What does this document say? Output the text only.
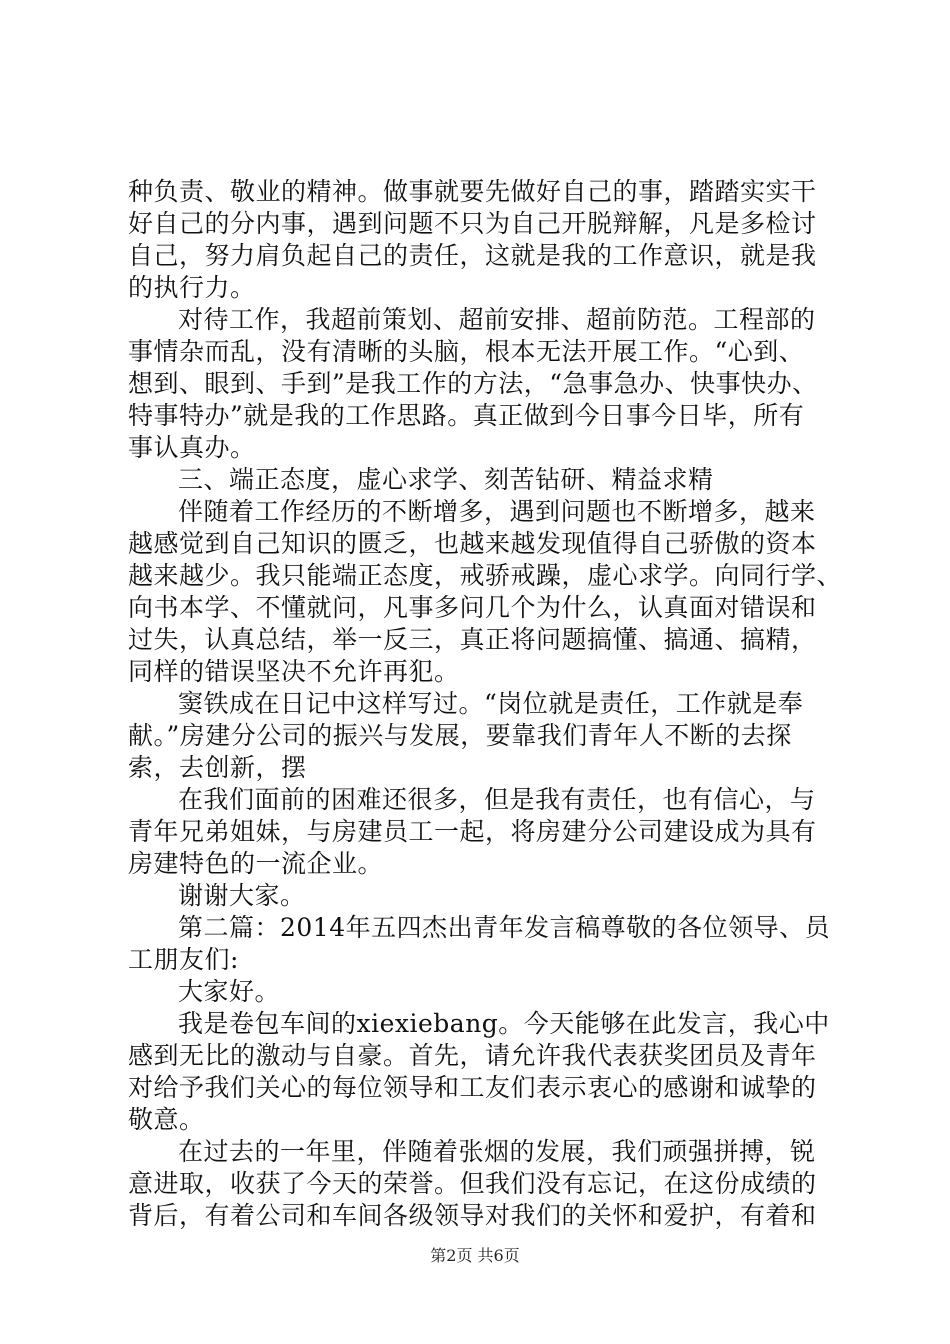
种负责、敬业的精神。做事就要先做好自己的事，踏踏实实干
好自己的分内事，遇到问题不只为自己开脱辩解，凡是多检讨
自己，努力肩负起自己的责任，这就是我的工作意识，就是我
的执行力。
对待工作，我超前策划、超前安排、超前防范。工程部的
事情杂而乱，没有清晰的头脑，根本无法开展工作。“心到、
想到、眼到、手到”是我工作的方法，“急事急办、快事快办、
特事特办”就是我的工作思路。真正做到今日事今日毕，所有
事认真办。
三、端正态度，虚心求学、刻苦钻研、精益求精
伴随着工作经历的不断增多，遇到问题也不断增多，越来
越感觉到自己知识的匮乏，也越来越发现值得自己骄傲的资本
越来越少。我只能端正态度，戒骄戒躁，虚心求学。向同行学、
向书本学、不懂就问，凡事多问几个为什么，认真面对错误和
过失，认真总结，举一反三，真正将问题搞懂、搞通、搞精，
同样的错误坚决不允许再犯。
窦铁成在日记中这样写过。“岗位就是责任，工作就是奉
献。”房建分公司的振兴与发展，要靠我们青年人不断的去探
索，去创新，摆
在我们面前的困难还很多，但是我有责任，也有信心，与
青年兄弟姐妹，与房建员工一起，将房建分公司建设成为具有
房建特色的一流企业。
谢谢大家。
第二篇：2014年五四杰出青年发言稿尊敬的各位领导、员
工朋友们:
大家好。
我是卷包车间的xiexiebang。今天能够在此发言，我心中
感到无比的激动与自豪。首先，请允许我代表获奖团员及青年
对给予我们关心的每位领导和工友们表示衷心的感谢和诚挚的
敬意。
在过去的一年里，伴随着张烟的发展，我们顽强拼搏，锐
意进取，收获了今天的荣誉。但我们没有忘记，在这份成绩的
背后，有着公司和车间各级领导对我们的关怀和爱护，有着和
第2页 共6页
